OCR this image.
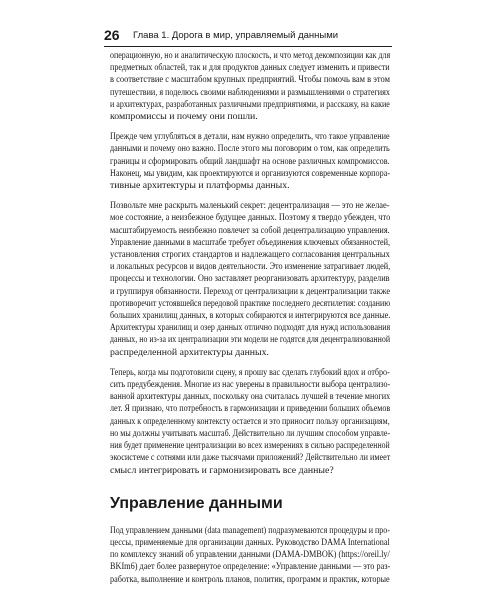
26 Глава 1. Дорога в мир, управляемый данными

операционную, но и аналитическую плоскость, и что метод декомпозиции как для
предметных областей, так и для продуктов данных следует изменить и привести
в соответствие с масштабом крупных предприятий. Чтобы помочь вам в этом
путешествии, я поделюсь своими наблюдениями и размышлениями о стратегиях
и архитектурах, разработанных различными предприятиями, и расскажу, на какие
компромиссы и почему они пошли.

Прежде чем углубляться в детали, нам нужно определить, что такое управление
данными и почему оно важно. После этого мы поговорим о том, как определить
границы и сформировать общий ландшафт на основе различных компромиссов.
Наконец, мы увидим, как проектируются и организуются современные корпора-
тивные архитектуры и платформы данных.

Позвольте мне раскрыть маленький секрет: децентрализация — это не желае-
мое состояние, а неизбежное будущее данных. Поэтому я твердо убежден, что
масштабируемость неизбежно повлечет за собой децентрализацию управления.
Управление данными в масштабе требует объединения ключевых обязанностей,
установления строгих стандартов и надлежащего согласования центральных
и локальных ресурсов и видов деятельности. Это изменение затрагивает людей,
процессы и технологии. Оно заставляет реорганизовать архитектуру, разделив
и группируя обязанности. Переход от централизации к децентрализации также
противоречит устоявшейся передовой практике последнего десятилетия: созданию
больших хранилищ данных, в которых собираются и интегрируются все данные.
Архитектуры хранилищ и озер данных отлично подходят для нужд использования
данных, но из-за их централизации эти модели не годятся для децентрализованной
распределенной архитектуры данных.

Теперь, когда мы подготовили сцену, я прошу вас сделать глубокий вдох и отбро-
сить предубеждения. Многие из нас уверены в правильности выбора централизо-
ванной архитектуры данных, поскольку она считалась лучшей в течение многих
лет. Я признаю, что потребность в гармонизации и приведении больших объемов
данных к определенному контексту остается и это приносит пользу организациям,
но мы должны учитывать масштаб. Действительно ли лучшим способом управле-
ния будет применение централизации во всех измерениях в сильно распределенной
экосистеме с сотнями или даже тысячами приложений? Действительно ли имеет
смысл интегрировать и гармонизировать все данные?

Управление данными

Под управлением данными (data management) подразумеваются процедуры и про-
цессы, применяемые для организации данных. Руководство DAMA International
по комплексу знаний об управлении данными (DAMA-DMBOK) (https://oreil.ly/
BKIm6) дает более развернутое определение: «Управление данными — это раз-
работка, выполнение и контроль планов, политик, программ и практик, которые
